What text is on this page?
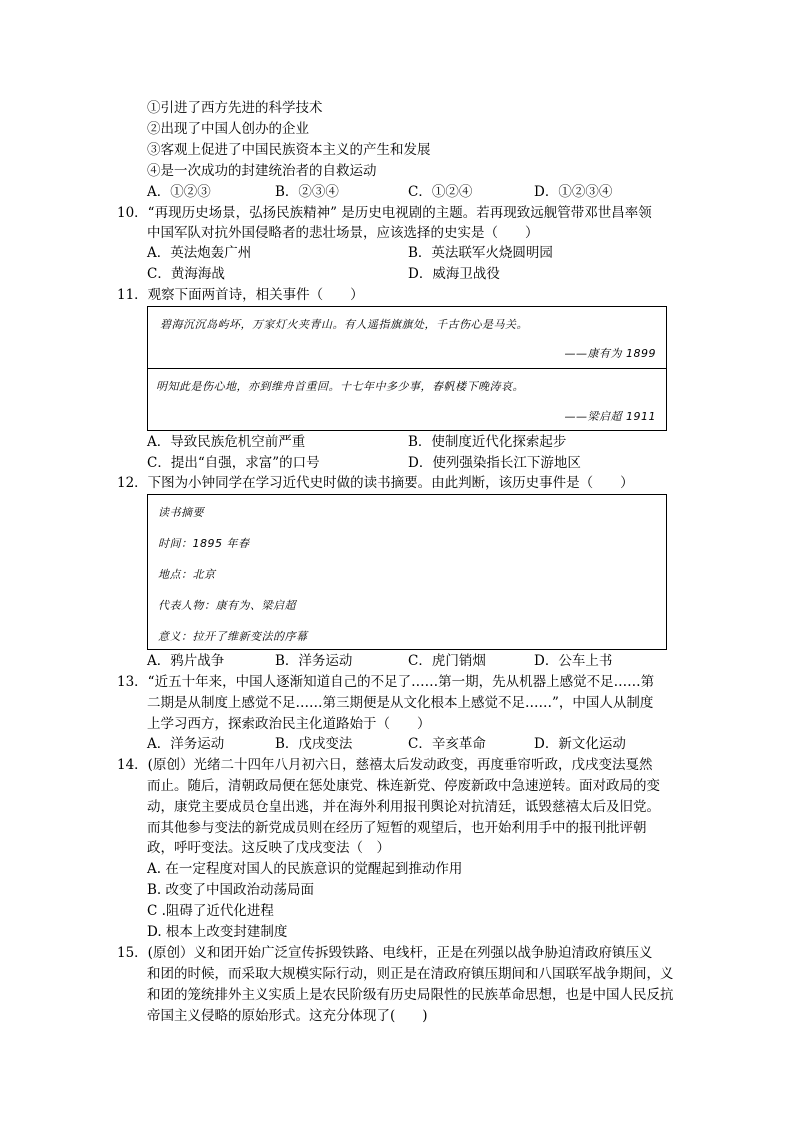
①引进了西方先进的科学技术
②出现了中国人创办的企业
③客观上促进了中国民族资本主义的产生和发展
④是一次成功的封建统治者的自救运动
A．①②③	B．②③④	C．①②④	D．①②③④
10．“再现历史场景，弘扬民族精神” 是历史电视剧的主题。若再现致远舰管带邓世昌率领
中国军队对抗外国侵略者的悲壮场景，应该选择的史实是（　　）
A．英法炮轰广州	B．英法联军火烧圆明园
C．黄海海战	D．威海卫战役
11．观察下面两首诗，相关事件（　　）
碧海沉沉岛屿坏，万家灯火夹青山。有人遥指旗旗处，千古伤心是马关。
——康有为 1899
明知此是伤心地，亦到维舟首重回。十七年中多少事，春帆楼下晚涛哀。
——梁启超 1911
A．导致民族危机空前严重	B．使制度近代化探索起步
C．提出“自强，求富”的口号	D．使列强染指长江下游地区
12．下图为小钟同学在学习近代史时做的读书摘要。由此判断，该历史事件是（　　）
读书摘要
时间：1895 年春
地点：北京
代表人物：康有为、梁启超
意义：拉开了维新变法的序幕
A．鸦片战争	B．洋务运动	C．虎门销烟	D．公车上书
13．“近五十年来，中国人逐渐知道自己的不足了……第一期，先从机器上感觉不足……第
二期是从制度上感觉不足……第三期便是从文化根本上感觉不足……”，中国人从制度
上学习西方，探索政治民主化道路始于（　　）
A．洋务运动	B．戊戌变法	C．辛亥革命	D．新文化运动
14．(原创）光绪二十四年八月初六日，慈禧太后发动政变，再度垂帘听政，戊戌变法戛然
而止。随后，清朝政局便在惩处康党、株连新党、停废新政中急速逆转。面对政局的变
动，康党主要成员仓皇出逃，并在海外利用报刊舆论对抗清廷，诋毁慈禧太后及旧党。
而其他参与变法的新党成员则在经历了短暂的观望后，也开始利用手中的报刊批评朝
政，呼吁变法。这反映了戊戌变法（　）
A. 在一定程度对国人的民族意识的觉醒起到推动作用
B. 改变了中国政治动荡局面
C .阻碍了近代化进程
D. 根本上改变封建制度
15．(原创）义和团开始广泛宣传拆毁铁路、电线杆，正是在列强以战争胁迫清政府镇压义
和团的时候，而采取大规模实际行动，则正是在清政府镇压期间和八国联军战争期间，义
和团的笼统排外主义实质上是农民阶级有历史局限性的民族革命思想，也是中国人民反抗
帝国主义侵略的原始形式。这充分体现了(　　)
